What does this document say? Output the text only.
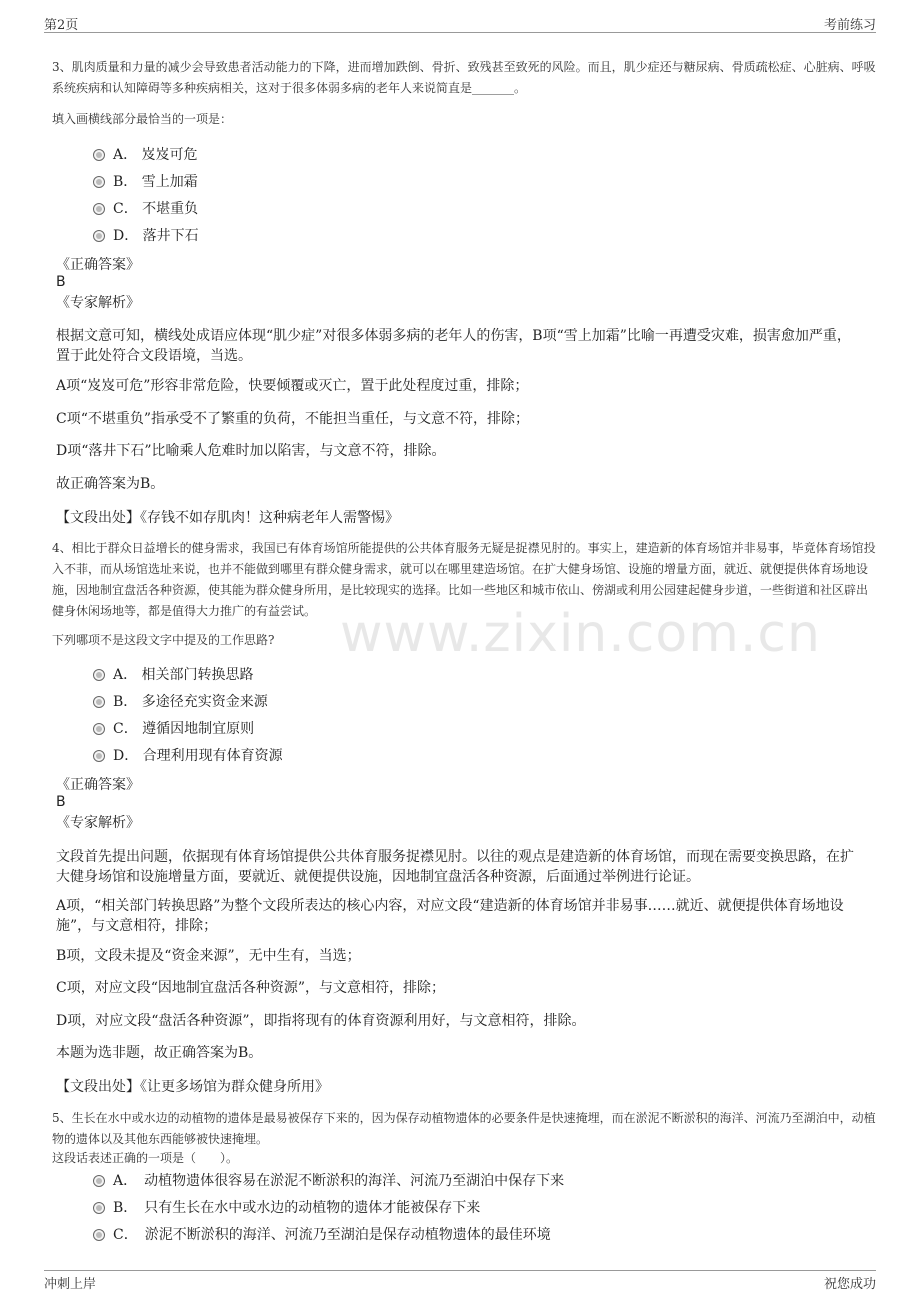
第2页	考前练习
www.zixin.com.cn
3、肌肉质量和力量的减少会导致患者活动能力的下降，进而增加跌倒、骨折、致残甚至致死的风险。而且，肌少症还与糖尿病、骨质疏松症、心脏病、呼吸系统疾病和认知障碍等多种疾病相关，这对于很多体弱多病的老年人来说简直是_______。
填入画横线部分最恰当的一项是：
A． 岌岌可危
B． 雪上加霜
C． 不堪重负
D． 落井下石
《正确答案》
B
《专家解析》
根据文意可知，横线处成语应体现“肌少症”对很多体弱多病的老年人的伤害，B项“雪上加霜”比喻一再遭受灾难，损害愈加严重，置于此处符合文段语境，当选。
A项“岌岌可危”形容非常危险，快要倾覆或灭亡，置于此处程度过重，排除；
C项“不堪重负”指承受不了繁重的负荷，不能担当重任，与文意不符，排除；
D项“落井下石”比喻乘人危难时加以陷害，与文意不符，排除。
故正确答案为B。
【文段出处】《存钱不如存肌肉！这种病老年人需警惕》
4、相比于群众日益增长的健身需求，我国已有体育场馆所能提供的公共体育服务无疑是捉襟见肘的。事实上，建造新的体育场馆并非易事，毕竟体育场馆投入不菲，而从场馆选址来说，也并不能做到哪里有群众健身需求，就可以在哪里建造场馆。在扩大健身场馆、设施的增量方面，就近、就便提供体育场地设施，因地制宜盘活各种资源，使其能为群众健身所用，是比较现实的选择。比如一些地区和城市依山、傍湖或利用公园建起健身步道，一些街道和社区辟出健身休闲场地等，都是值得大力推广的有益尝试。
下列哪项不是这段文字中提及的工作思路?
A． 相关部门转换思路
B． 多途径充实资金来源
C． 遵循因地制宜原则
D． 合理利用现有体育资源
《正确答案》
B
《专家解析》
文段首先提出问题，依据现有体育场馆提供公共体育服务捉襟见肘。以往的观点是建造新的体育场馆，而现在需要变换思路，在扩大健身场馆和设施增量方面，要就近、就便提供设施，因地制宜盘活各种资源，后面通过举例进行论证。
A项，“相关部门转换思路”为整个文段所表达的核心内容，对应文段“建造新的体育场馆并非易事……就近、就便提供体育场地设施”，与文意相符，排除；
B项，文段未提及“资金来源”，无中生有，当选；
C项，对应文段“因地制宜盘活各种资源”，与文意相符，排除；
D项，对应文段“盘活各种资源”，即指将现有的体育资源利用好，与文意相符，排除。
本题为选非题，故正确答案为B。
【文段出处】《让更多场馆为群众健身所用》
5、生长在水中或水边的动植物的遗体是最易被保存下来的，因为保存动植物遗体的必要条件是快速掩埋，而在淤泥不断淤积的海洋、河流乃至湖泊中，动植物的遗体以及其他东西能够被快速掩埋。
这段话表述正确的一项是（　　）。
A．　动植物遗体很容易在淤泥不断淤积的海洋、河流乃至湖泊中保存下来
B．　只有生长在水中或水边的动植物的遗体才能被保存下来
C．　淤泥不断淤积的海洋、河流乃至湖泊是保存动植物遗体的最佳环境
冲刺上岸	祝您成功
